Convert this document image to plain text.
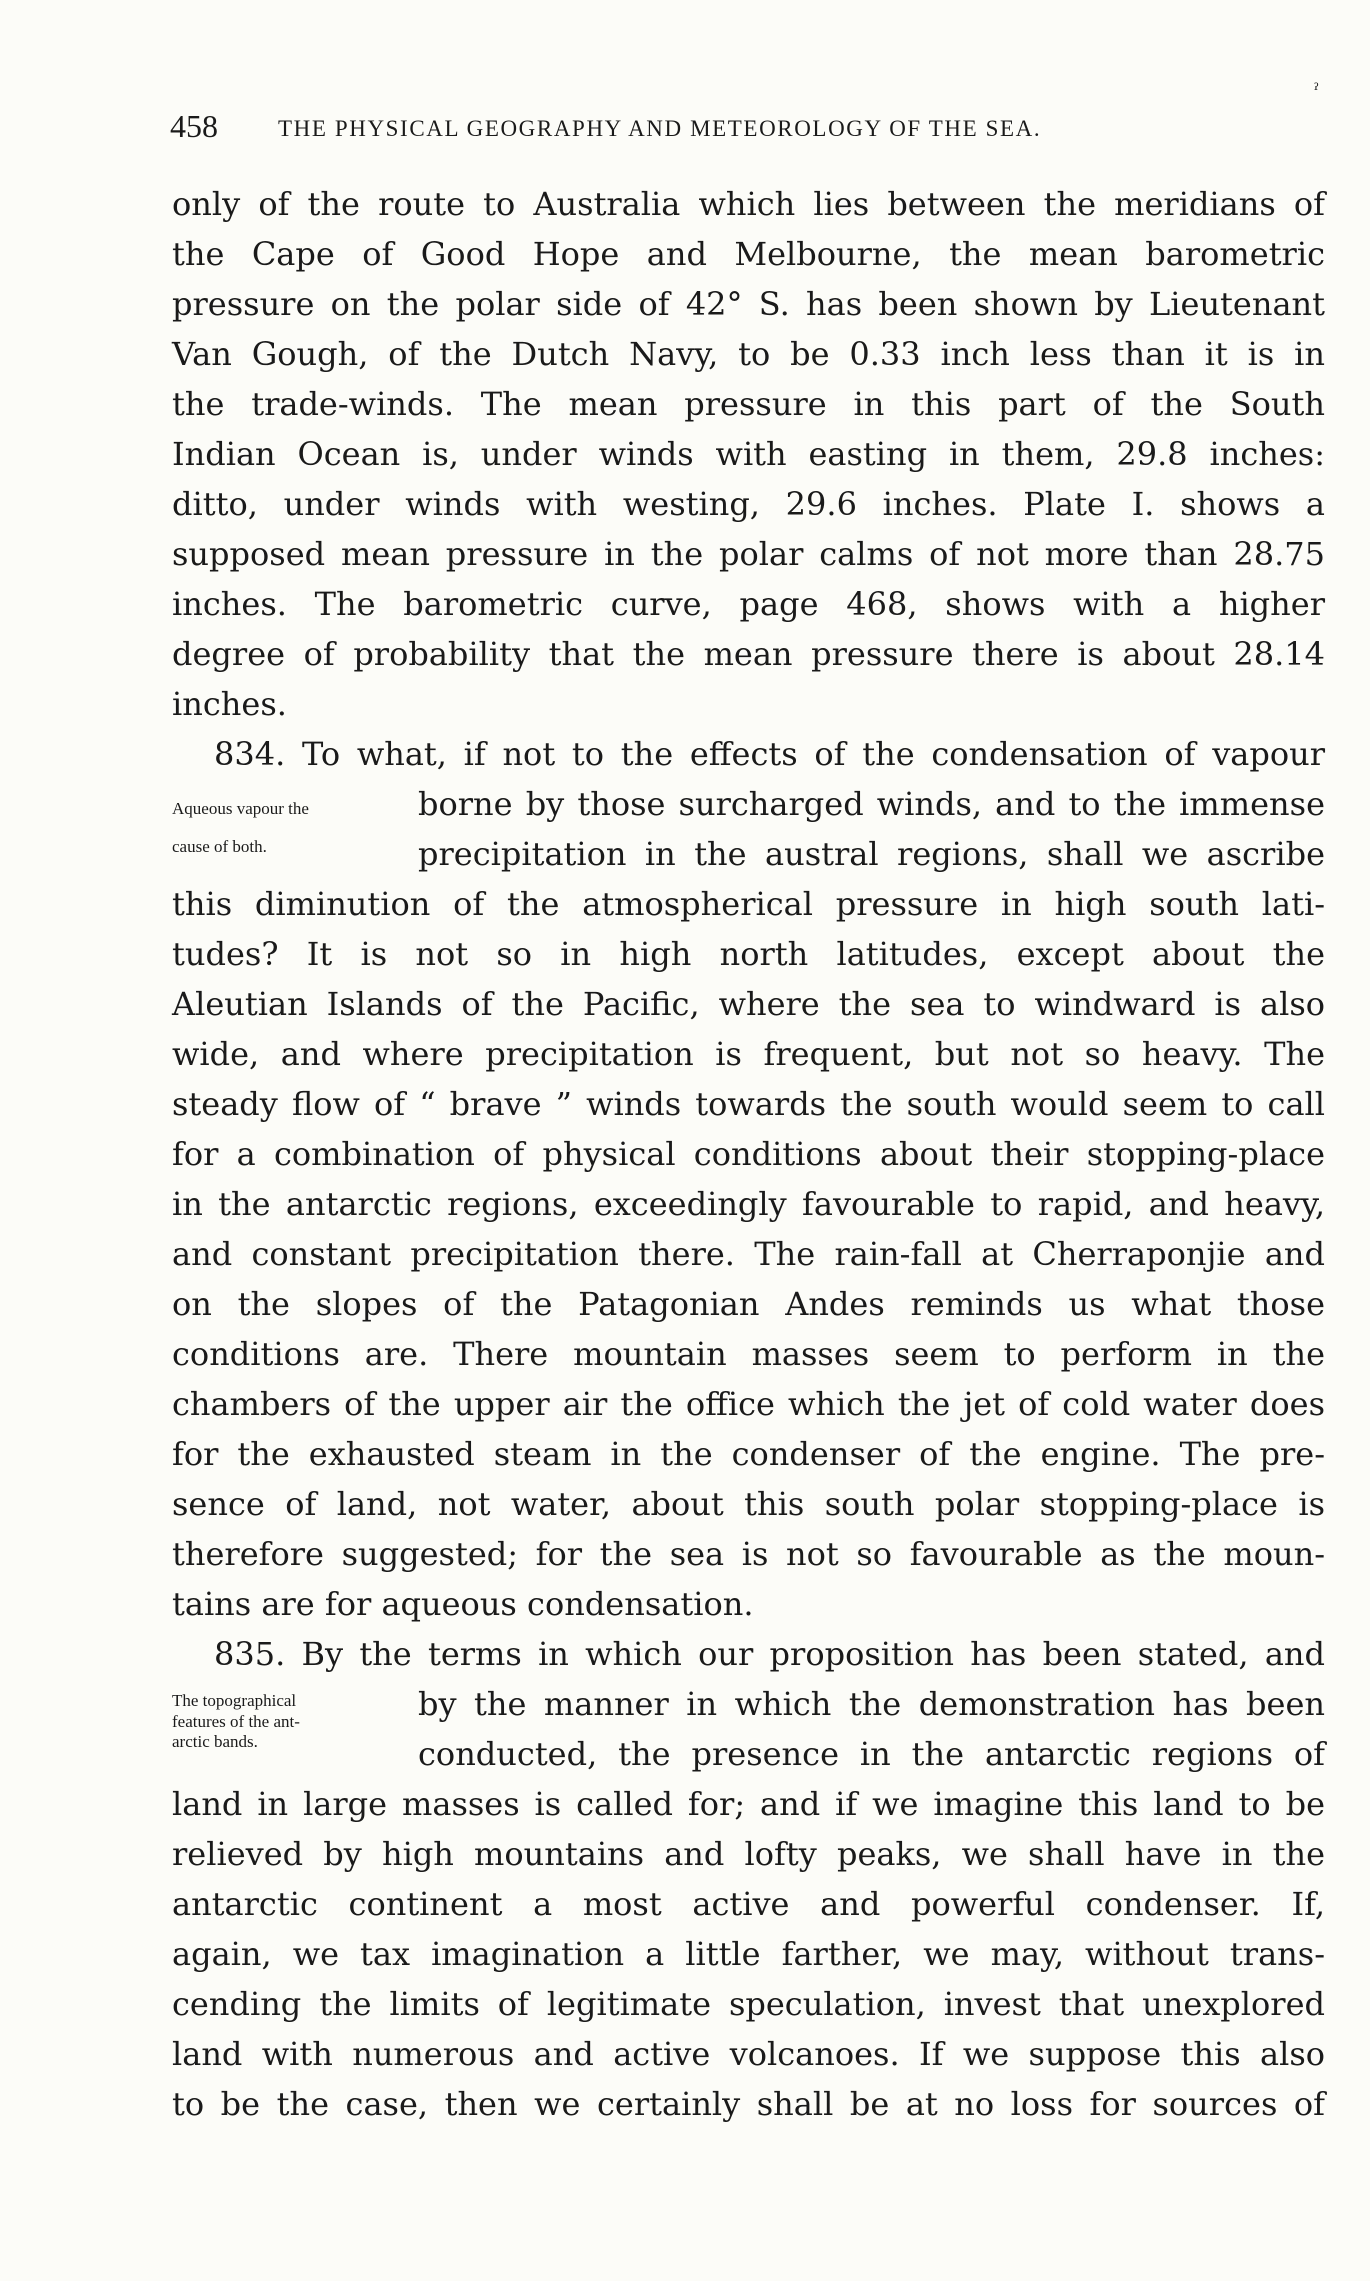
458	THE PHYSICAL GEOGRAPHY AND METEOROLOGY OF THE SEA.
ˀ
Aqueous vapour the
cause of both.
The topographical
features of the ant-
arctic bands.
only of the route to Australia which lies between the meridians of
the Cape of Good Hope and Melbourne, the mean barometric
pressure on the polar side of 42° S. has been shown by Lieutenant
Van Gough, of the Dutch Navy, to be 0.33 inch less than it is in
the trade-winds. The mean pressure in this part of the South
Indian Ocean is, under winds with easting in them, 29.8 inches:
ditto, under winds with westing, 29.6 inches. Plate I. shows a
supposed mean pressure in the polar calms of not more than 28.75
inches. The barometric curve, page 468, shows with a higher
degree of probability that the mean pressure there is about 28.14
inches.
834. To what, if not to the effects of the condensation of vapour
borne by those surcharged winds, and to the immense
precipitation in the austral regions, shall we ascribe
this diminution of the atmospherical pressure in high south lati-
tudes? It is not so in high north latitudes, except about the
Aleutian Islands of the Pacific, where the sea to windward is also
wide, and where precipitation is frequent, but not so heavy. The
steady flow of “ brave ” winds towards the south would seem to call
for a combination of physical conditions about their stopping-place
in the antarctic regions, exceedingly favourable to rapid, and heavy,
and constant precipitation there. The rain-fall at Cherraponjie and
on the slopes of the Patagonian Andes reminds us what those
conditions are. There mountain masses seem to perform in the
chambers of the upper air the office which the jet of cold water does
for the exhausted steam in the condenser of the engine. The pre-
sence of land, not water, about this south polar stopping-place is
therefore suggested; for the sea is not so favourable as the moun-
tains are for aqueous condensation.
835. By the terms in which our proposition has been stated, and
by the manner in which the demonstration has been
conducted, the presence in the antarctic regions of
land in large masses is called for; and if we imagine this land to be
relieved by high mountains and lofty peaks, we shall have in the
antarctic continent a most active and powerful condenser. If,
again, we tax imagination a little farther, we may, without trans-
cending the limits of legitimate speculation, invest that unexplored
land with numerous and active volcanoes. If we suppose this also
to be the case, then we certainly shall be at no loss for sources of
